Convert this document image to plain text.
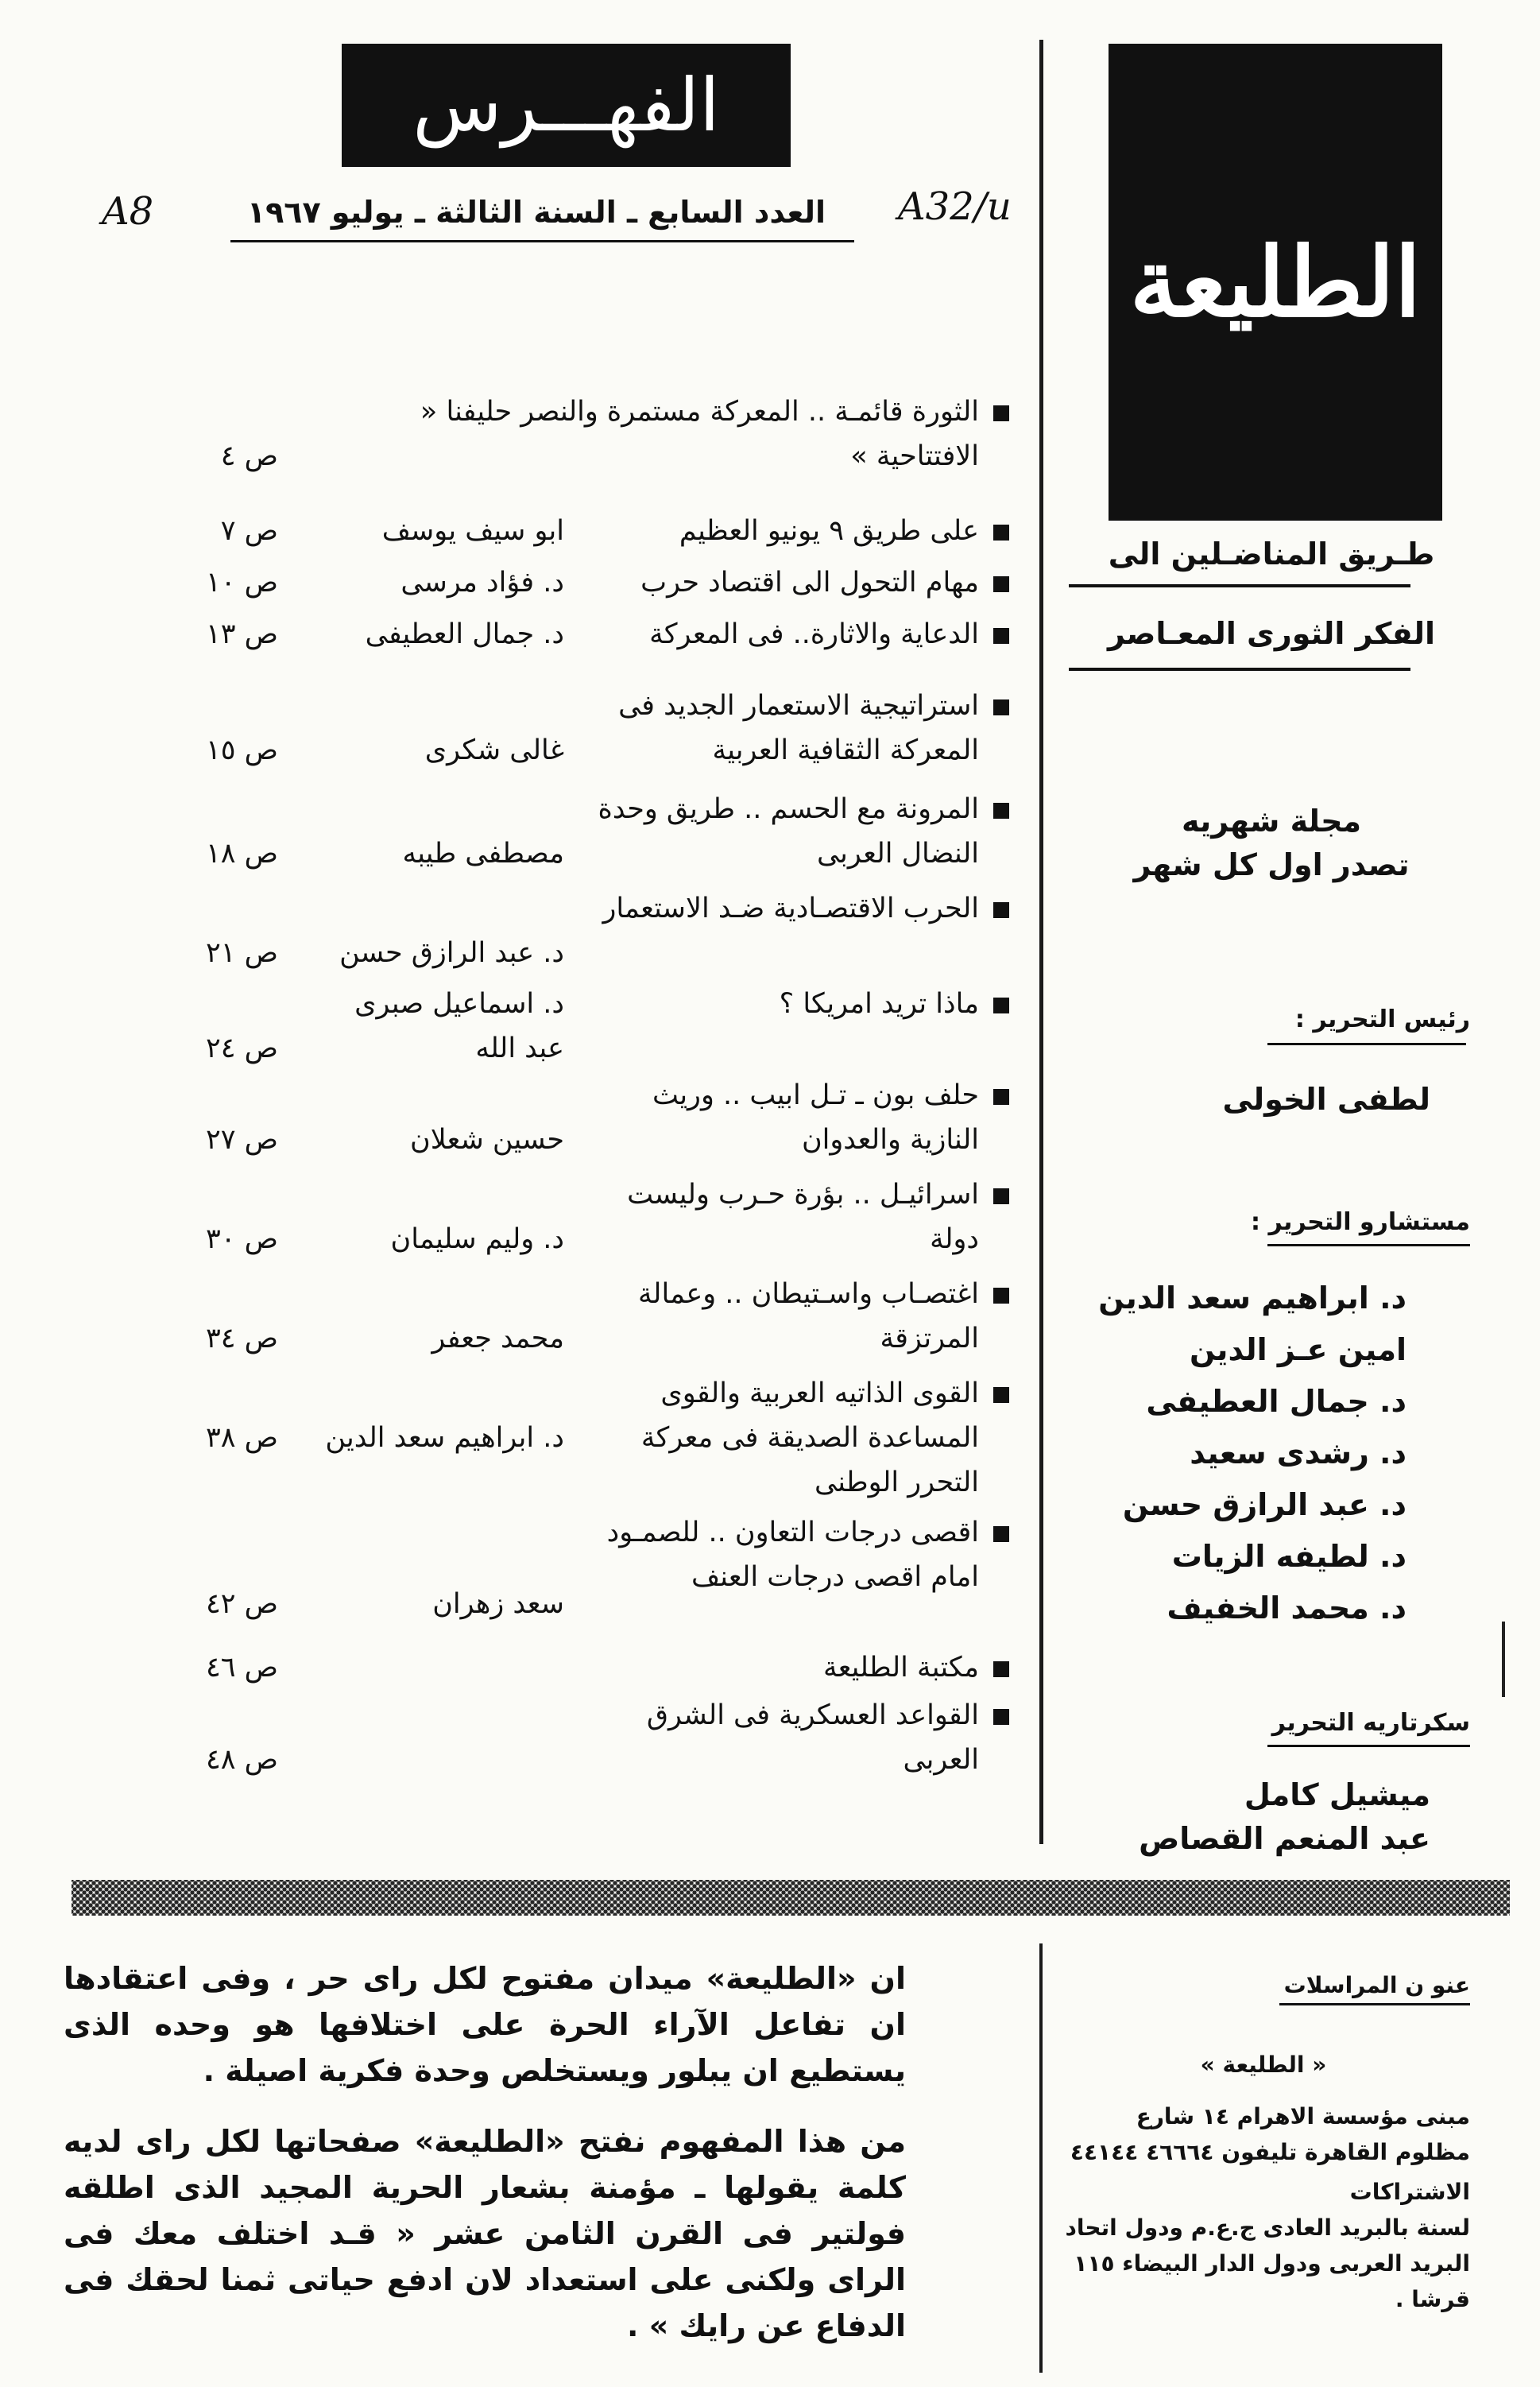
الفهـــرس
A32/u
A8	العدد السابع ـ السنة الثالثة ـ يوليو ١٩٦٧
الثورة قائمـة .. المعركة مستمرة والنصر حليفنا « الافتتاحية »
ص ٤
على طريق ٩ يونيو العظيم
ابو سيف يوسف
ص ٧
مهام التحول الى اقتصاد حرب
د. فؤاد مرسى
ص ١٠
الدعاية والاثارة.. فى المعركة
د. جمال العطيفى
ص ١٣
استراتيجية الاستعمار الجديد فى المعركة الثقافية العربية
غالى شكرى
ص ١٥
المرونة مع الحسم .. طريق وحدة النضال العربى
مصطفى طيبه
ص ١٨
الحرب الاقتصـادية ضـد الاستعمار
د. عبد الرازق حسن
ص ٢١
ماذا تريد امريكا ؟
د. اسماعيل صبرى عبد الله
ص ٢٤
حلف بون ـ تـل ابيب .. وريث النازية والعدوان
حسين شعلان
ص ٢٧
اسرائيـل .. بؤرة حـرب وليست دولة
د. وليم سليمان
ص ٣٠
اغتصـاب واسـتيطان .. وعمالة المرتزقة
محمد جعفر
ص ٣٤
القوى الذاتيه العربية والقوى المساعدة الصديقة فى معركة التحرر الوطنى
د. ابراهيم سعد الدين
ص ٣٨
اقصى درجات التعاون .. للصمـود امام اقصى درجات العنف
سعد زهران
ص ٤٢
مكتبة الطليعة
ص ٤٦
القواعد العسكرية فى الشرق العربى
ص ٤٨
الطليعة
طـريق المناضـلين الى
الفكر الثورى المعـاصر
مجلة شهريه
تصدر اول كل شهر
رئيس التحرير :
لطفى الخولى
مستشارو التحرير :
د. ابراهيم سعد الدين
امين عـز الدين
د. جمال العطيفى
د. رشدى سعيد
د. عبد الرازق حسن
د. لطيفه الزيات
د. محمد الخفيف
سكرتاريه التحرير
ميشيل كامل
عبد المنعم القصاص
ان «الطليعة» ميدان مفتوح لكل راى حر ، وفى اعتقادها ان تفاعل الآراء الحرة على اختلافها هو وحده الذى يستطيع ان يبلور ويستخلص وحدة فكرية اصيلة .
من هذا المفهوم نفتح «الطليعة» صفحاتها لكل راى لديه كلمة يقولها ـ مؤمنة بشعار الحرية المجيد الذى اطلقه فولتير فى القرن الثامن عشر « قـد اختلف معك فى الراى ولكنى على استعداد لان ادفع حياتى ثمنا لحقك فى الدفاع عن رايك » .
عنو ن المراسلات
« الطليعة »
مبنى مؤسسة الاهرام ١٤ شارع مظلوم القاهرة تليفون ٤٦٦٦٤ ٤٤١٤٤
الاشتراكات
لسنة بالبريد العادى ج.ع.م ودول اتحاد البريد العربى ودول الدار البيضاء ١١٥ قرشا .
